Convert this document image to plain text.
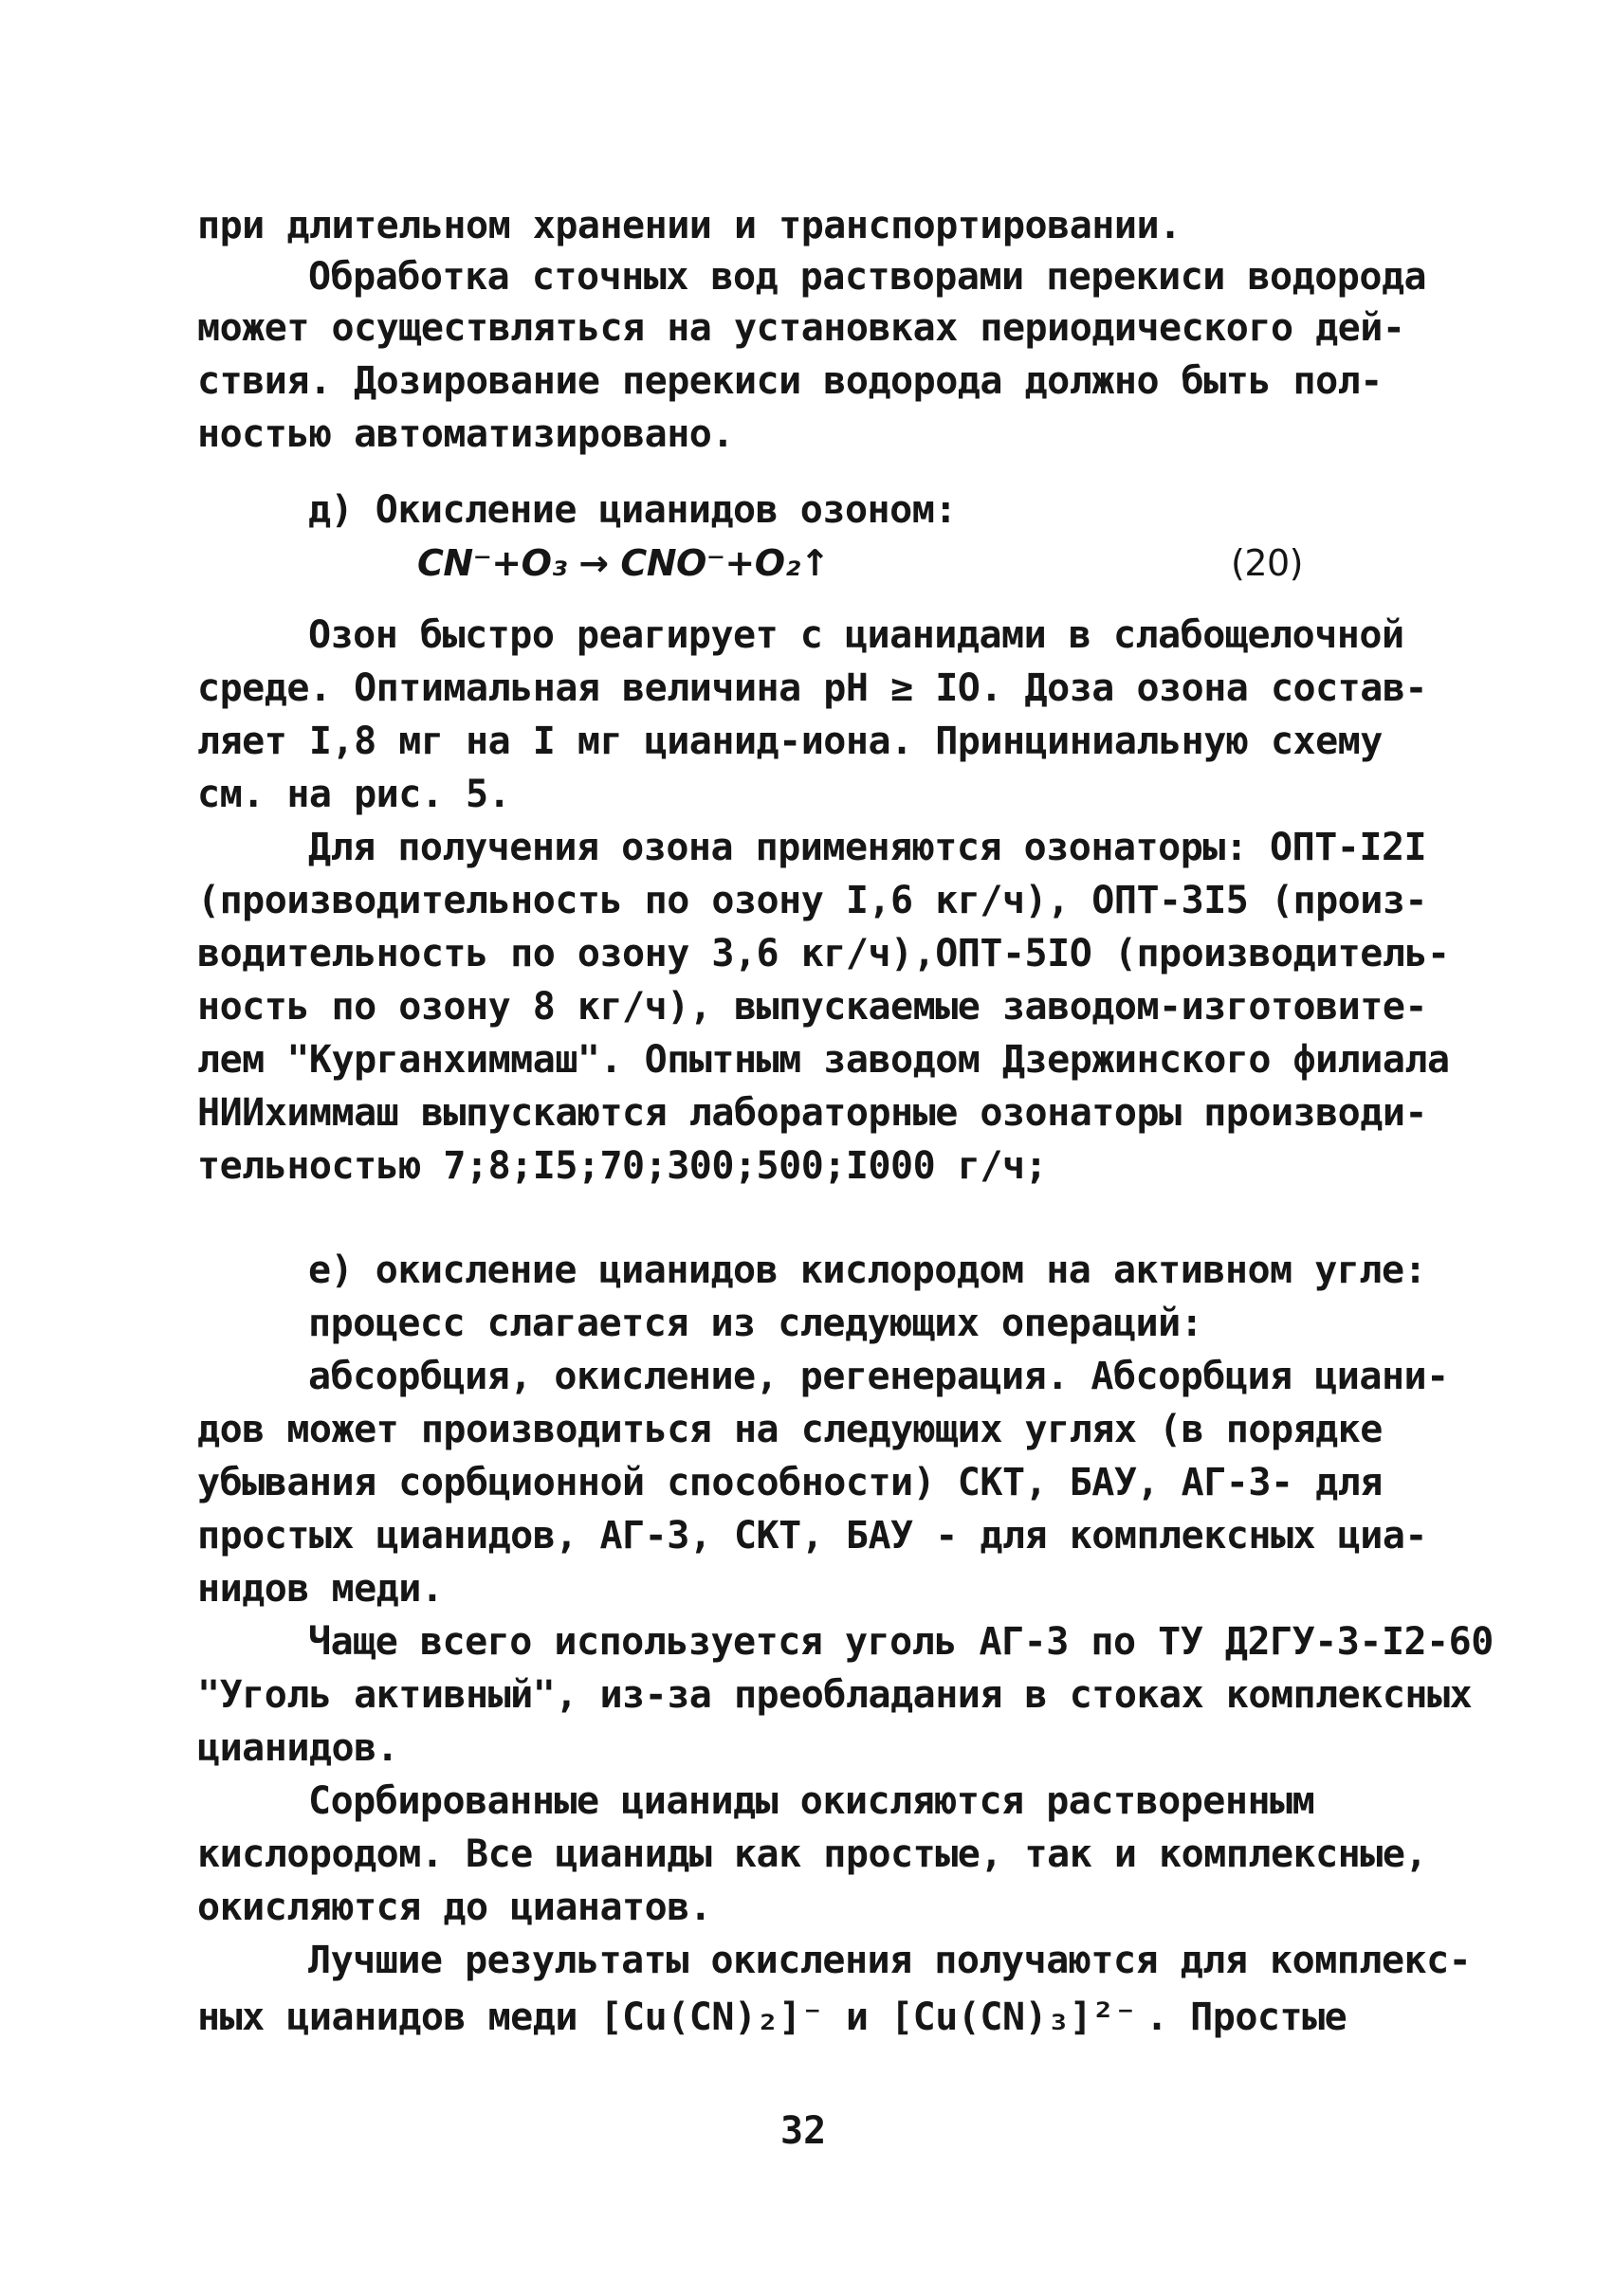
при длительном хранении и транспортировании.
Обработка сточных вод растворами перекиси водорода
может осуществляться на установках периодического дей-
ствия. Дозирование перекиси водорода должно быть пол-
ностью автоматизировано.
д) Окисление цианидов озоном:
CN⁻+O₃ → CNO⁻+O₂↑	(20)
Озон быстро реагирует с цианидами в слабощелочной
среде. Оптимальная величина pH ≥ IO. Доза озона состав-
ляет I,8 мг на I мг цианид-иона. Принциниальную схему
см. на рис. 5.
Для получения озона применяются озонаторы: ОПТ-I2I
(производительность по озону I,6 кг/ч), ОПТ-3I5 (произ-
водительность по озону 3,6 кг/ч),ОПТ-5IO (производитель-
ность по озону 8 кг/ч), выпускаемые заводом-изготовите-
лем "Курганхиммаш". Опытным заводом Дзержинского филиала
НИИхиммаш выпускаются лабораторные озонаторы производи-
тельностью 7;8;I5;70;300;500;I000 г/ч;
е) окисление цианидов кислородом на активном угле:
процесс слагается из следующих операций:
абсорбция, окисление, регенерация. Абсорбция циани-
дов может производиться на следующих углях (в порядке
убывания сорбционной способности) СКТ, БАУ, АГ-3- для
простых цианидов, АГ-3, СКТ, БАУ - для комплексных циа-
нидов меди.
Чаще всего используется уголь АГ-3 по ТУ Д2ГУ-3-I2-60
"Уголь активный", из-за преобладания в стоках комплексных
цианидов.
Сорбированные цианиды окисляются растворенным
кислородом. Все цианиды как простые, так и комплексные,
окисляются до цианатов.
Лучшие результаты окисления получаются для комплекс-
ных цианидов меди [Cu(CN)₂]⁻ и [Cu(CN)₃]²⁻ . Простые
32
